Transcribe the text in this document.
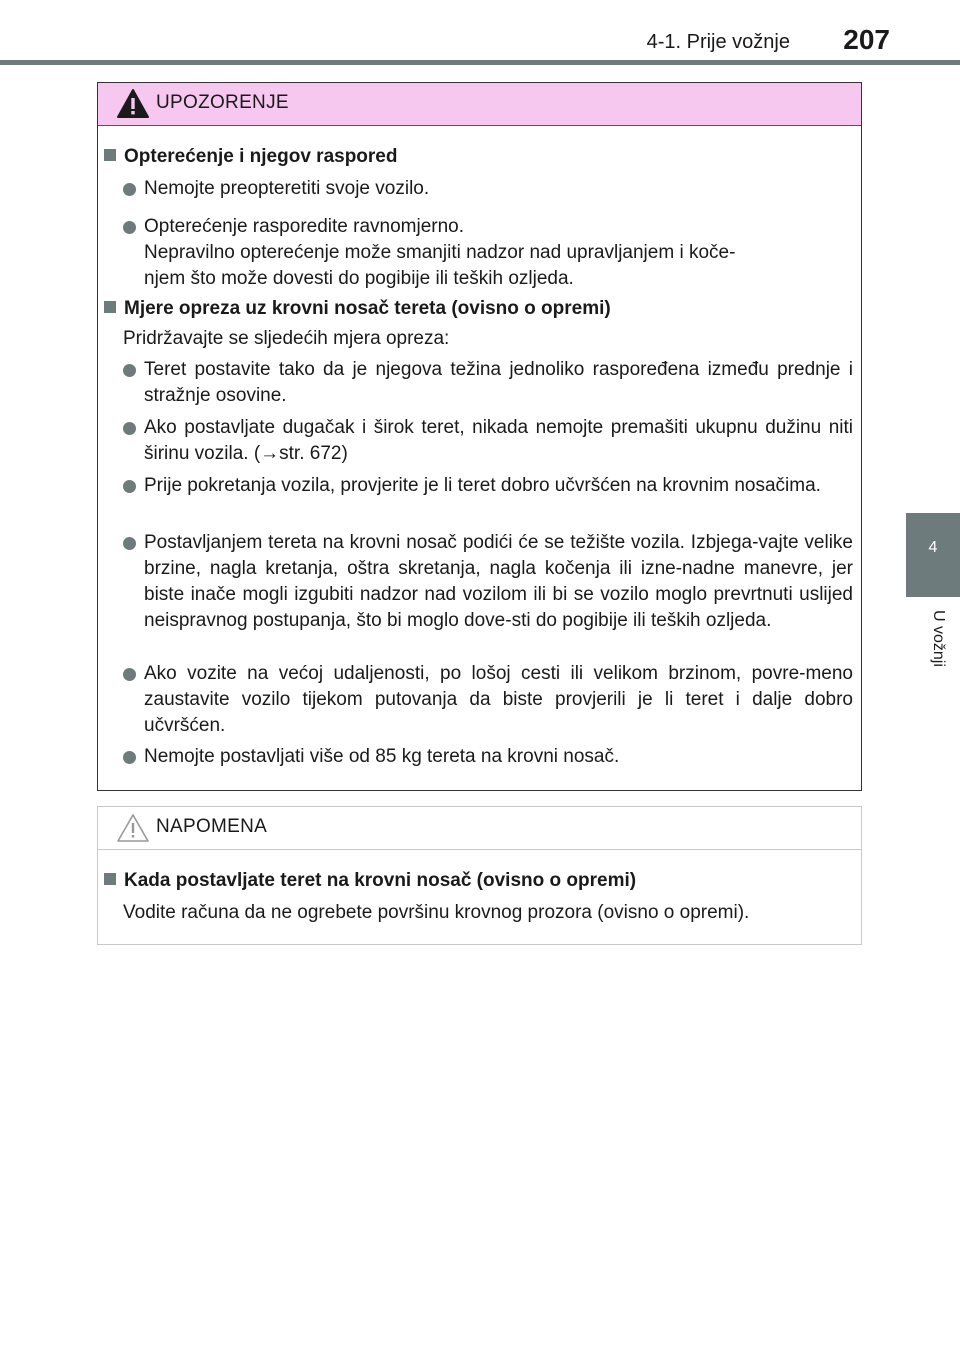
4-1. Prije vožnje 207
4
U vožnji
UPOZORENJE
Opterećenje i njegov raspored
Nemojte preopteretiti svoje vozilo.
Opterećenje rasporedite ravnomjerno.
Nepravilno opterećenje može smanjiti nadzor nad upravljanjem i koče-
njem što može dovesti do pogibije ili teških ozljeda.
Mjere opreza uz krovni nosač tereta (ovisno o opremi)
Pridržavajte se sljedećih mjera opreza:
Teret postavite tako da je njegova težina jednoliko raspoređena između prednje i stražnje osovine.
Ako postavljate dugačak i širok teret, nikada nemojte premašiti ukupnu dužinu niti širinu vozila. (→str. 672)
Prije pokretanja vozila, provjerite je li teret dobro učvršćen na krovnim nosačima.
Postavljanjem tereta na krovni nosač podići će se težište vozila. Izbjega-vajte velike brzine, nagla kretanja, oštra skretanja, nagla kočenja ili izne-nadne manevre, jer biste inače mogli izgubiti nadzor nad vozilom ili bi se vozilo moglo prevrtnuti uslijed neispravnog postupanja, što bi moglo dove-sti do pogibije ili teških ozljeda.
Ako vozite na većoj udaljenosti, po lošoj cesti ili velikom brzinom, povre-meno zaustavite vozilo tijekom putovanja da biste provjerili je li teret i dalje dobro učvršćen.
Nemojte postavljati više od 85 kg tereta na krovni nosač.
NAPOMENA
Kada postavljate teret na krovni nosač (ovisno o opremi)
Vodite računa da ne ogrebete površinu krovnog prozora (ovisno o opremi).
